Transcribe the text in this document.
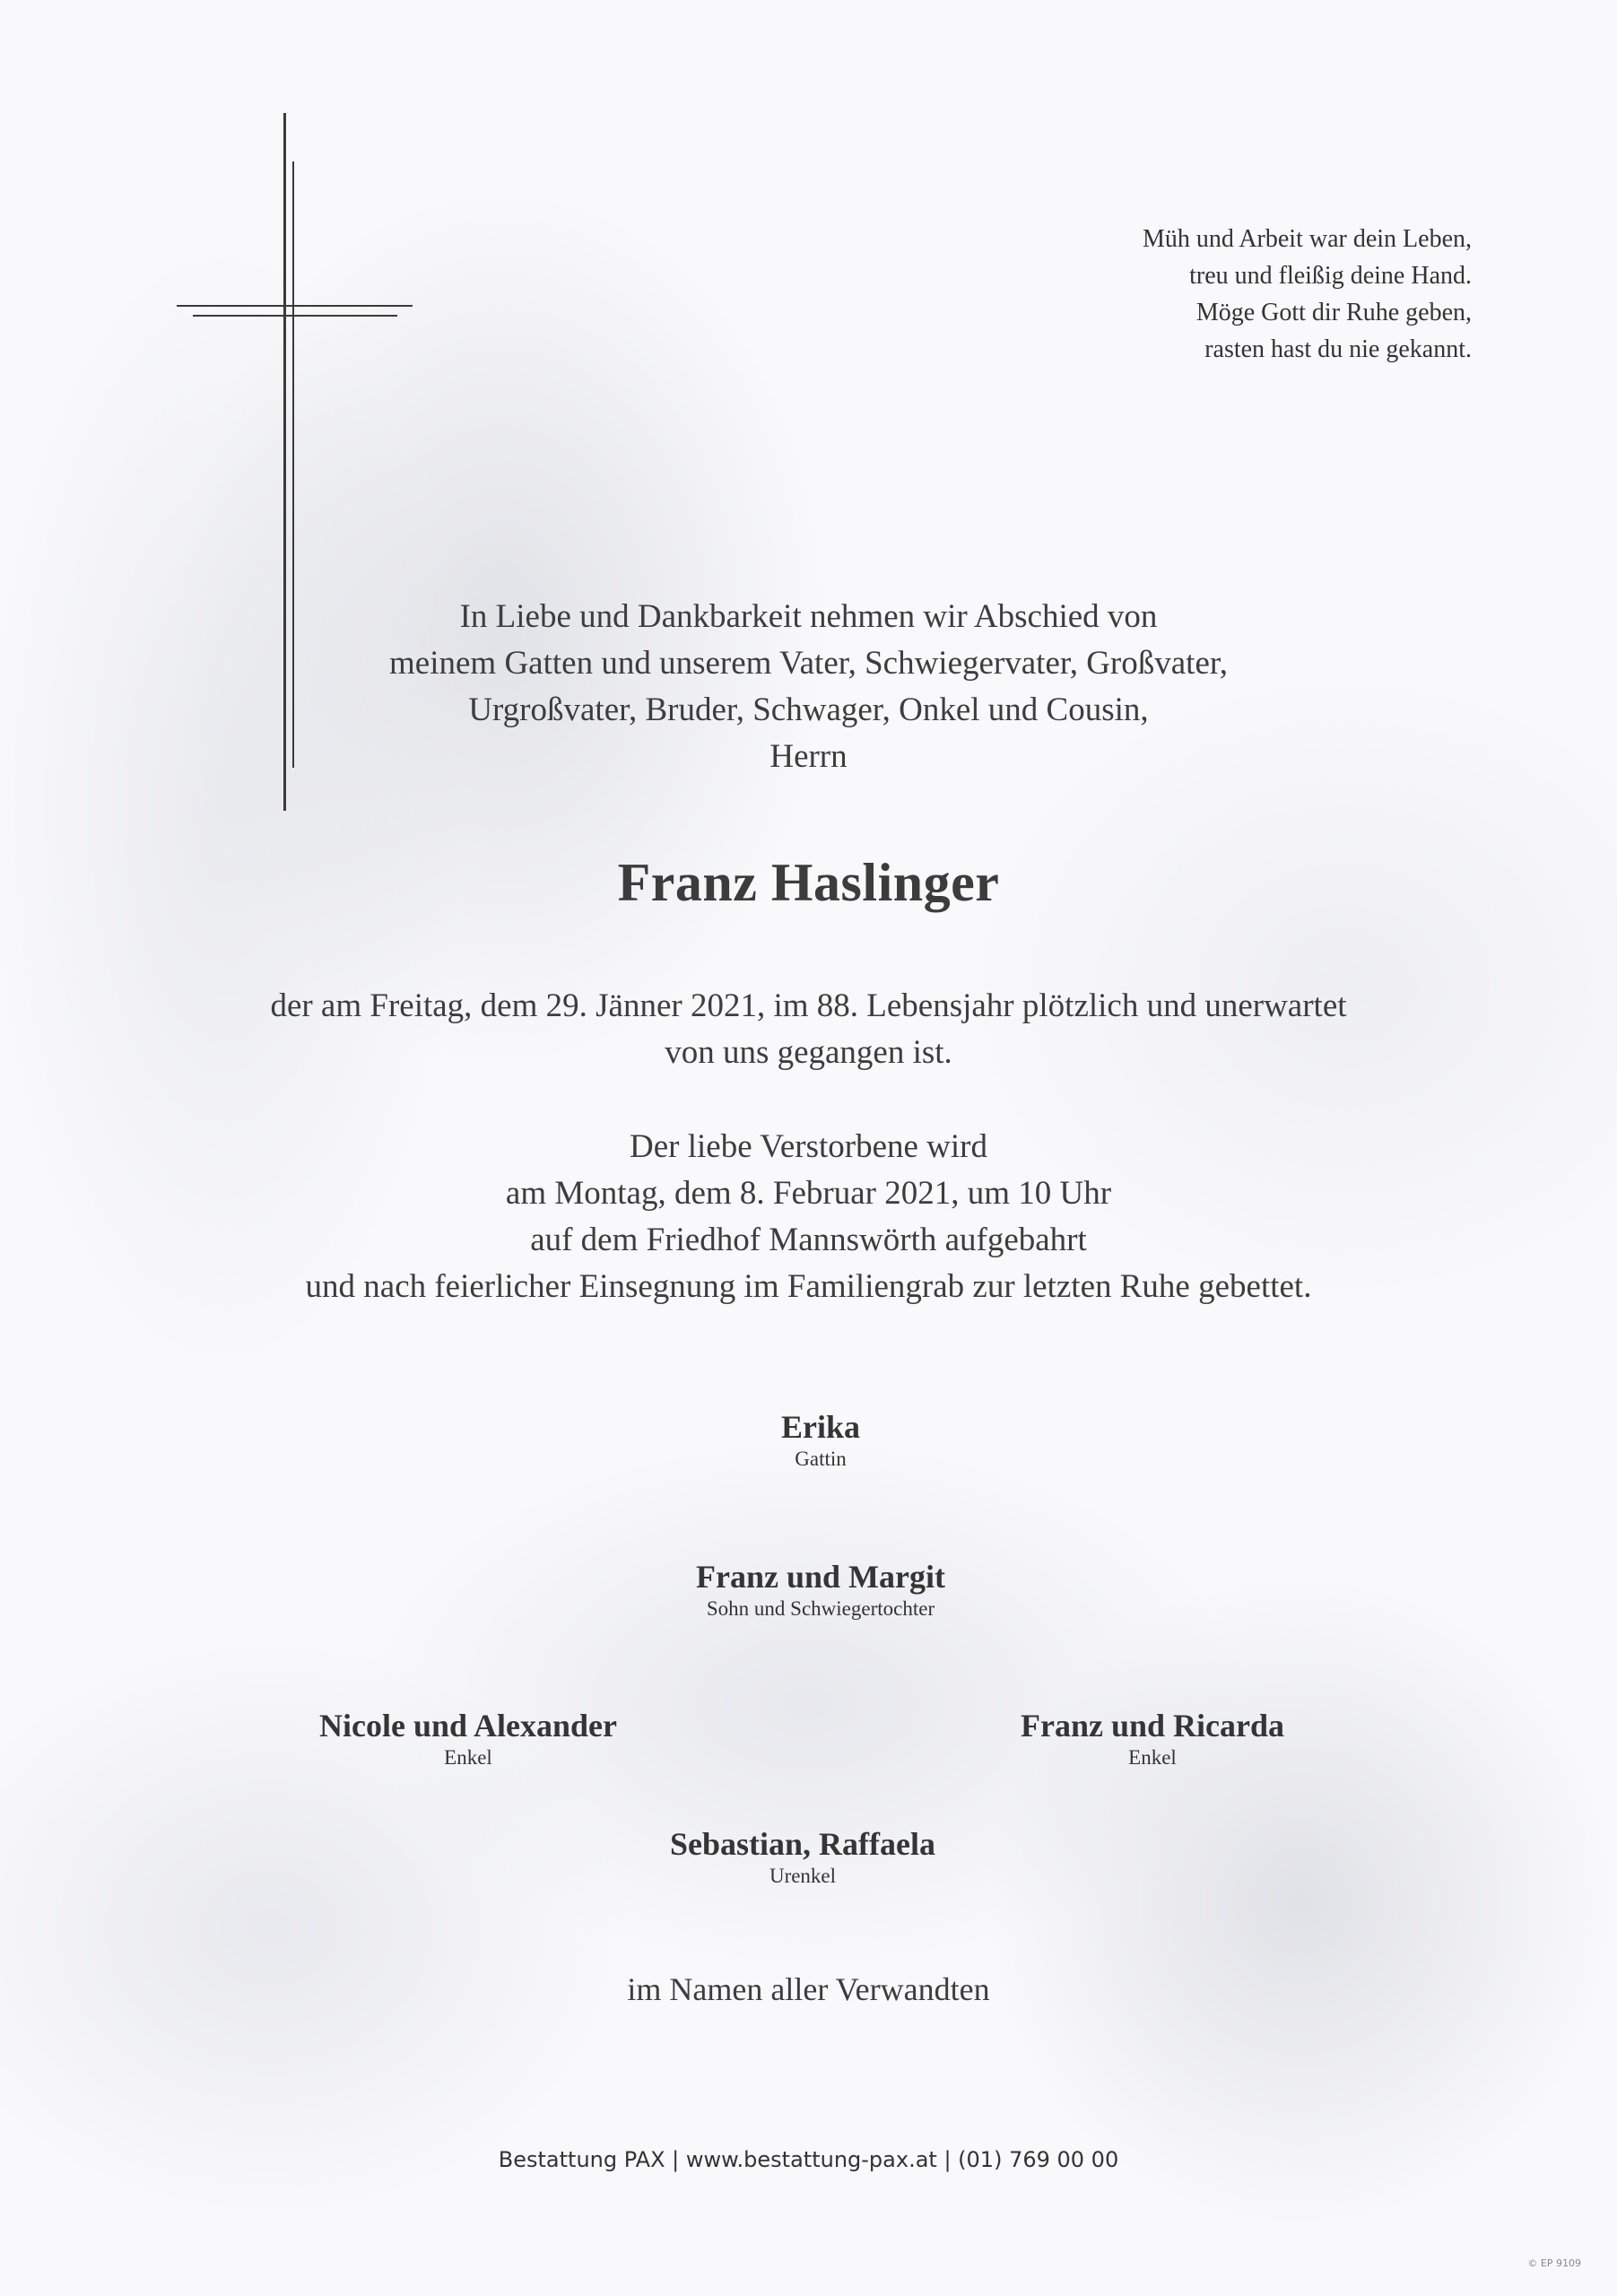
Müh und Arbeit war dein Leben,
treu und fleißig deine Hand.
Möge Gott dir Ruhe geben,
rasten hast du nie gekannt.
In Liebe und Dankbarkeit nehmen wir Abschied von
meinem Gatten und unserem Vater, Schwiegervater, Großvater,
Urgroßvater, Bruder, Schwager, Onkel und Cousin,
Herrn
Franz Haslinger
der am Freitag, dem 29. Jänner 2021, im 88. Lebensjahr plötzlich und unerwartet
von uns gegangen ist.
Der liebe Verstorbene wird
am Montag, dem 8. Februar 2021, um 10 Uhr
auf dem Friedhof Mannswörth aufgebahrt
und nach feierlicher Einsegnung im Familiengrab zur letzten Ruhe gebettet.
Erika
Gattin
Franz und Margit
Sohn und Schwiegertochter
Nicole und Alexander
Enkel
Franz und Ricarda
Enkel
Sebastian, Raffaela
Urenkel
im Namen aller Verwandten
Bestattung PAX | www.bestattung-pax.at | (01) 769 00 00
© EP 9109
